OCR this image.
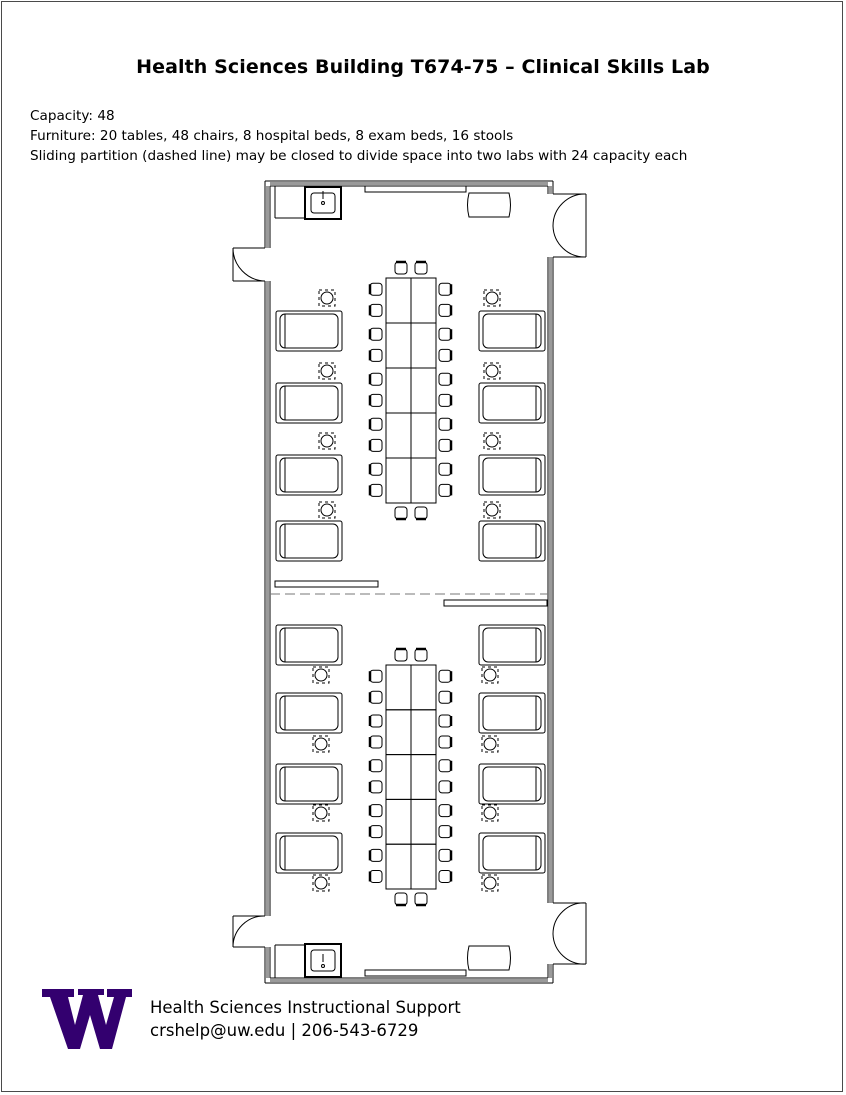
Health Sciences Building T674-75 – Clinical Skills Lab
Capacity: 48
Furniture: 20 tables, 48 chairs, 8 hospital beds, 8 exam beds, 16 stools
Sliding partition (dashed line) may be closed to divide space into two labs with 24 capacity each
Health Sciences Instructional Support
crshelp@uw.edu | 206-543-6729
